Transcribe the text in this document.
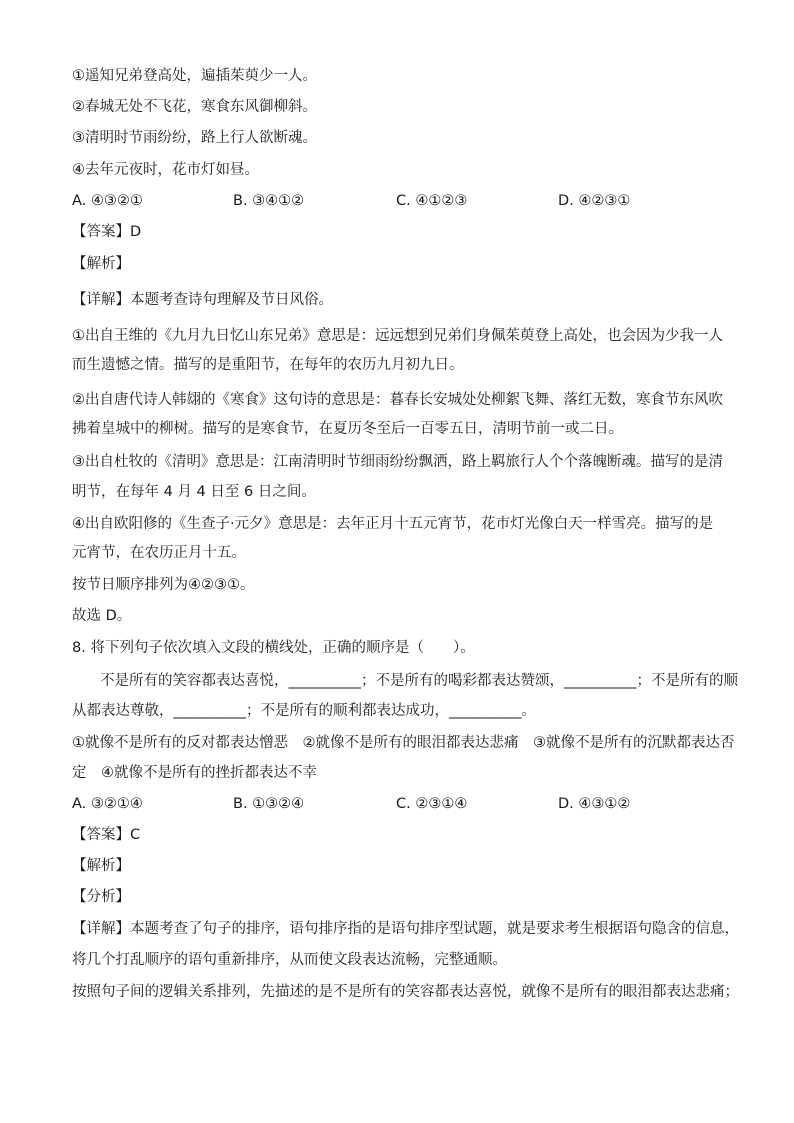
①遥知兄弟登高处，遍插茱萸少一人。
②春城无处不飞花，寒食东风御柳斜。
③清明时节雨纷纷，路上行人欲断魂。
④去年元夜时，花市灯如昼。
A. ④③②①	B. ③④①②	C. ④①②③	D. ④②③①
【答案】D
【解析】
【详解】本题考查诗句理解及节日风俗。
①出自王维的《九月九日忆山东兄弟》意思是：远远想到兄弟们身佩茱萸登上高处，也会因为少我一人
而生遗憾之情。描写的是重阳节，在每年的农历九月初九日。
②出自唐代诗人韩翃的《寒食》这句诗的意思是：暮春长安城处处柳絮飞舞、落红无数，寒食节东风吹
拂着皇城中的柳树。描写的是寒食节，在夏历冬至后一百零五日，清明节前一或二日。
③出自杜牧的《清明》意思是：江南清明时节细雨纷纷飘洒，路上羁旅行人个个落魄断魂。描写的是清
明节，在每年 4 月 4 日至 6 日之间。
④出自欧阳修的《生查子·元夕》意思是：去年正月十五元宵节，花市灯光像白天一样雪亮。描写的是
元宵节，在农历正月十五。
按节日顺序排列为④②③①。
故选 D。
8. 将下列句子依次填入文段的横线处，正确的顺序是（　　）。
不是所有的笑容都表达喜悦，__________；不是所有的喝彩都表达赞颂，__________；不是所有的顺
从都表达尊敬，__________；不是所有的顺利都表达成功，__________。
①就像不是所有的反对都表达憎恶　②就像不是所有的眼泪都表达悲痛　③就像不是所有的沉默都表达否
定　④就像不是所有的挫折都表达不幸
A. ③②①④	B. ①③②④	C. ②③①④	D. ④③①②
【答案】C
【解析】
【分析】
【详解】本题考查了句子的排序，语句排序指的是语句排序型试题，就是要求考生根据语句隐含的信息，
将几个打乱顺序的语句重新排序，从而使文段表达流畅，完整通顺。
按照句子间的逻辑关系排列，先描述的是不是所有的笑容都表达喜悦，就像不是所有的眼泪都表达悲痛；
